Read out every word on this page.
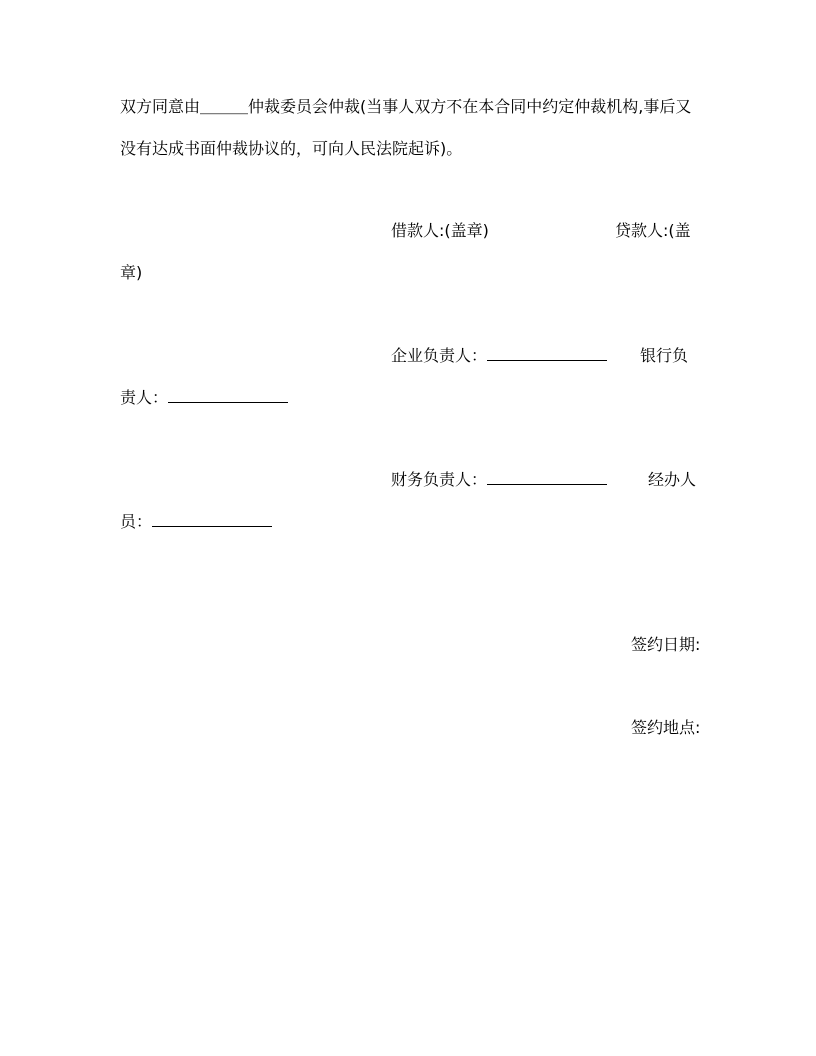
双方同意由＿＿＿仲裁委员会仲裁(当事人双方不在本合同中约定仲裁机构,事后又
没有达成书面仲裁协议的，可向人民法院起诉)。
借款人:(盖章)	贷款人:(盖
章)
企业负责人：	银行负
责人：
财务负责人：	经办人
员：
签约日期:
签约地点:
